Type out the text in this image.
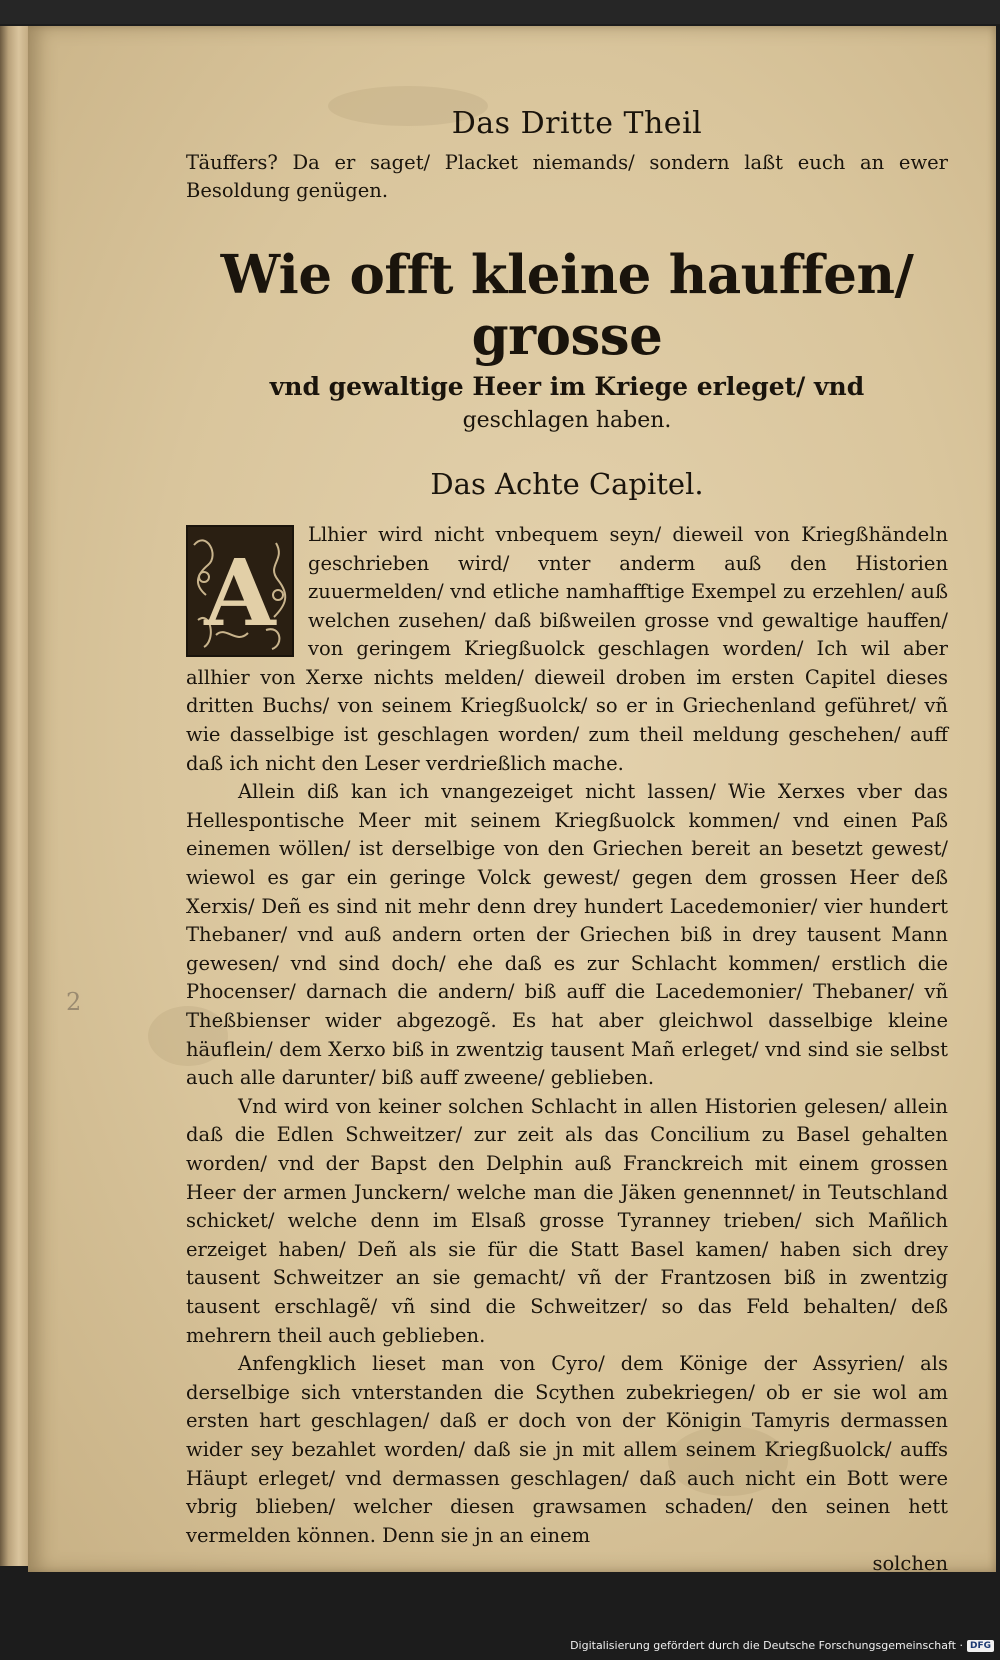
Das Dritte Theil

Täuffers? Da er saget/ Placket niemands/ sondern laßt euch an ewer Besoldung genügen.

Wie offt kleine hauffen/ grosse
vnd gewaltige Heer im Kriege erleget/ vnd
geschlagen haben.
Das Achte Capitel.
A

Llhier wird nicht vnbequem seyn/ dieweil von Kriegßhändeln geschrieben wird/ vnter anderm auß den Historien zuuermelden/ vnd etliche namhafftige Exempel zu erzehlen/ auß welchen zusehen/ daß bißweilen grosse vnd gewaltige hauffen/ von geringem Kriegßuolck geschlagen worden/ Ich wil aber allhier von Xerxe nichts melden/ dieweil droben im ersten Capitel dieses dritten Buchs/ von seinem Kriegßuolck/ so er in Griechenland geführet/ vñ wie dasselbige ist geschlagen worden/ zum theil meldung geschehen/ auff daß ich nicht den Leser verdrießlich mache.

Allein diß kan ich vnangezeiget nicht lassen/ Wie Xerxes vber das Hellespontische Meer mit seinem Kriegßuolck kommen/ vnd einen Paß einemen wöllen/ ist derselbige von den Griechen bereit an besetzt gewest/ wiewol es gar ein geringe Volck gewest/ gegen dem grossen Heer deß Xerxis/ Deñ es sind nit mehr denn drey hundert Lacedemonier/ vier hundert Thebaner/ vnd auß andern orten der Griechen biß in drey tausent Mann gewesen/ vnd sind doch/ ehe daß es zur Schlacht kommen/ erstlich die Phocenser/ darnach die andern/ biß auff die Lacedemonier/ Thebaner/ vñ Theßbienser wider abgezogẽ. Es hat aber gleichwol dasselbige kleine häuflein/ dem Xerxo biß in zwentzig tausent Mañ erleget/ vnd sind sie selbst auch alle darunter/ biß auff zweene/ geblieben.

Vnd wird von keiner solchen Schlacht in allen Historien gelesen/ allein daß die Edlen Schweitzer/ zur zeit als das Concilium zu Basel gehalten worden/ vnd der Bapst den Delphin auß Franckreich mit einem grossen Heer der armen Junckern/ welche man die Jäken genennnet/ in Teutschland schicket/ welche denn im Elsaß grosse Tyranney trieben/ sich Mañlich erzeiget haben/ Deñ als sie für die Statt Basel kamen/ haben sich drey tausent Schweitzer an sie gemacht/ vñ der Frantzosen biß in zwentzig tausent erschlagẽ/ vñ sind die Schweitzer/ so das Feld behalten/ deß mehrern theil auch geblieben.

Anfengklich lieset man von Cyro/ dem Könige der Assyrien/ als derselbige sich vnterstanden die Scythen zubekriegen/ ob er sie wol am ersten hart geschlagen/ daß er doch von der Königin Tamyris dermassen wider sey bezahlet worden/ daß sie jn mit allem seinem Kriegßuolck/ auffs Häupt erleget/ vnd dermassen geschlagen/ daß auch nicht ein Bott were vbrig blieben/ welcher diesen grawsamen schaden/ den seinen hett vermelden können. Denn sie jn an einem

solchen
2
Digitalisierung gefördert durch die Deutsche Forschungsgemeinschaft · DFG
